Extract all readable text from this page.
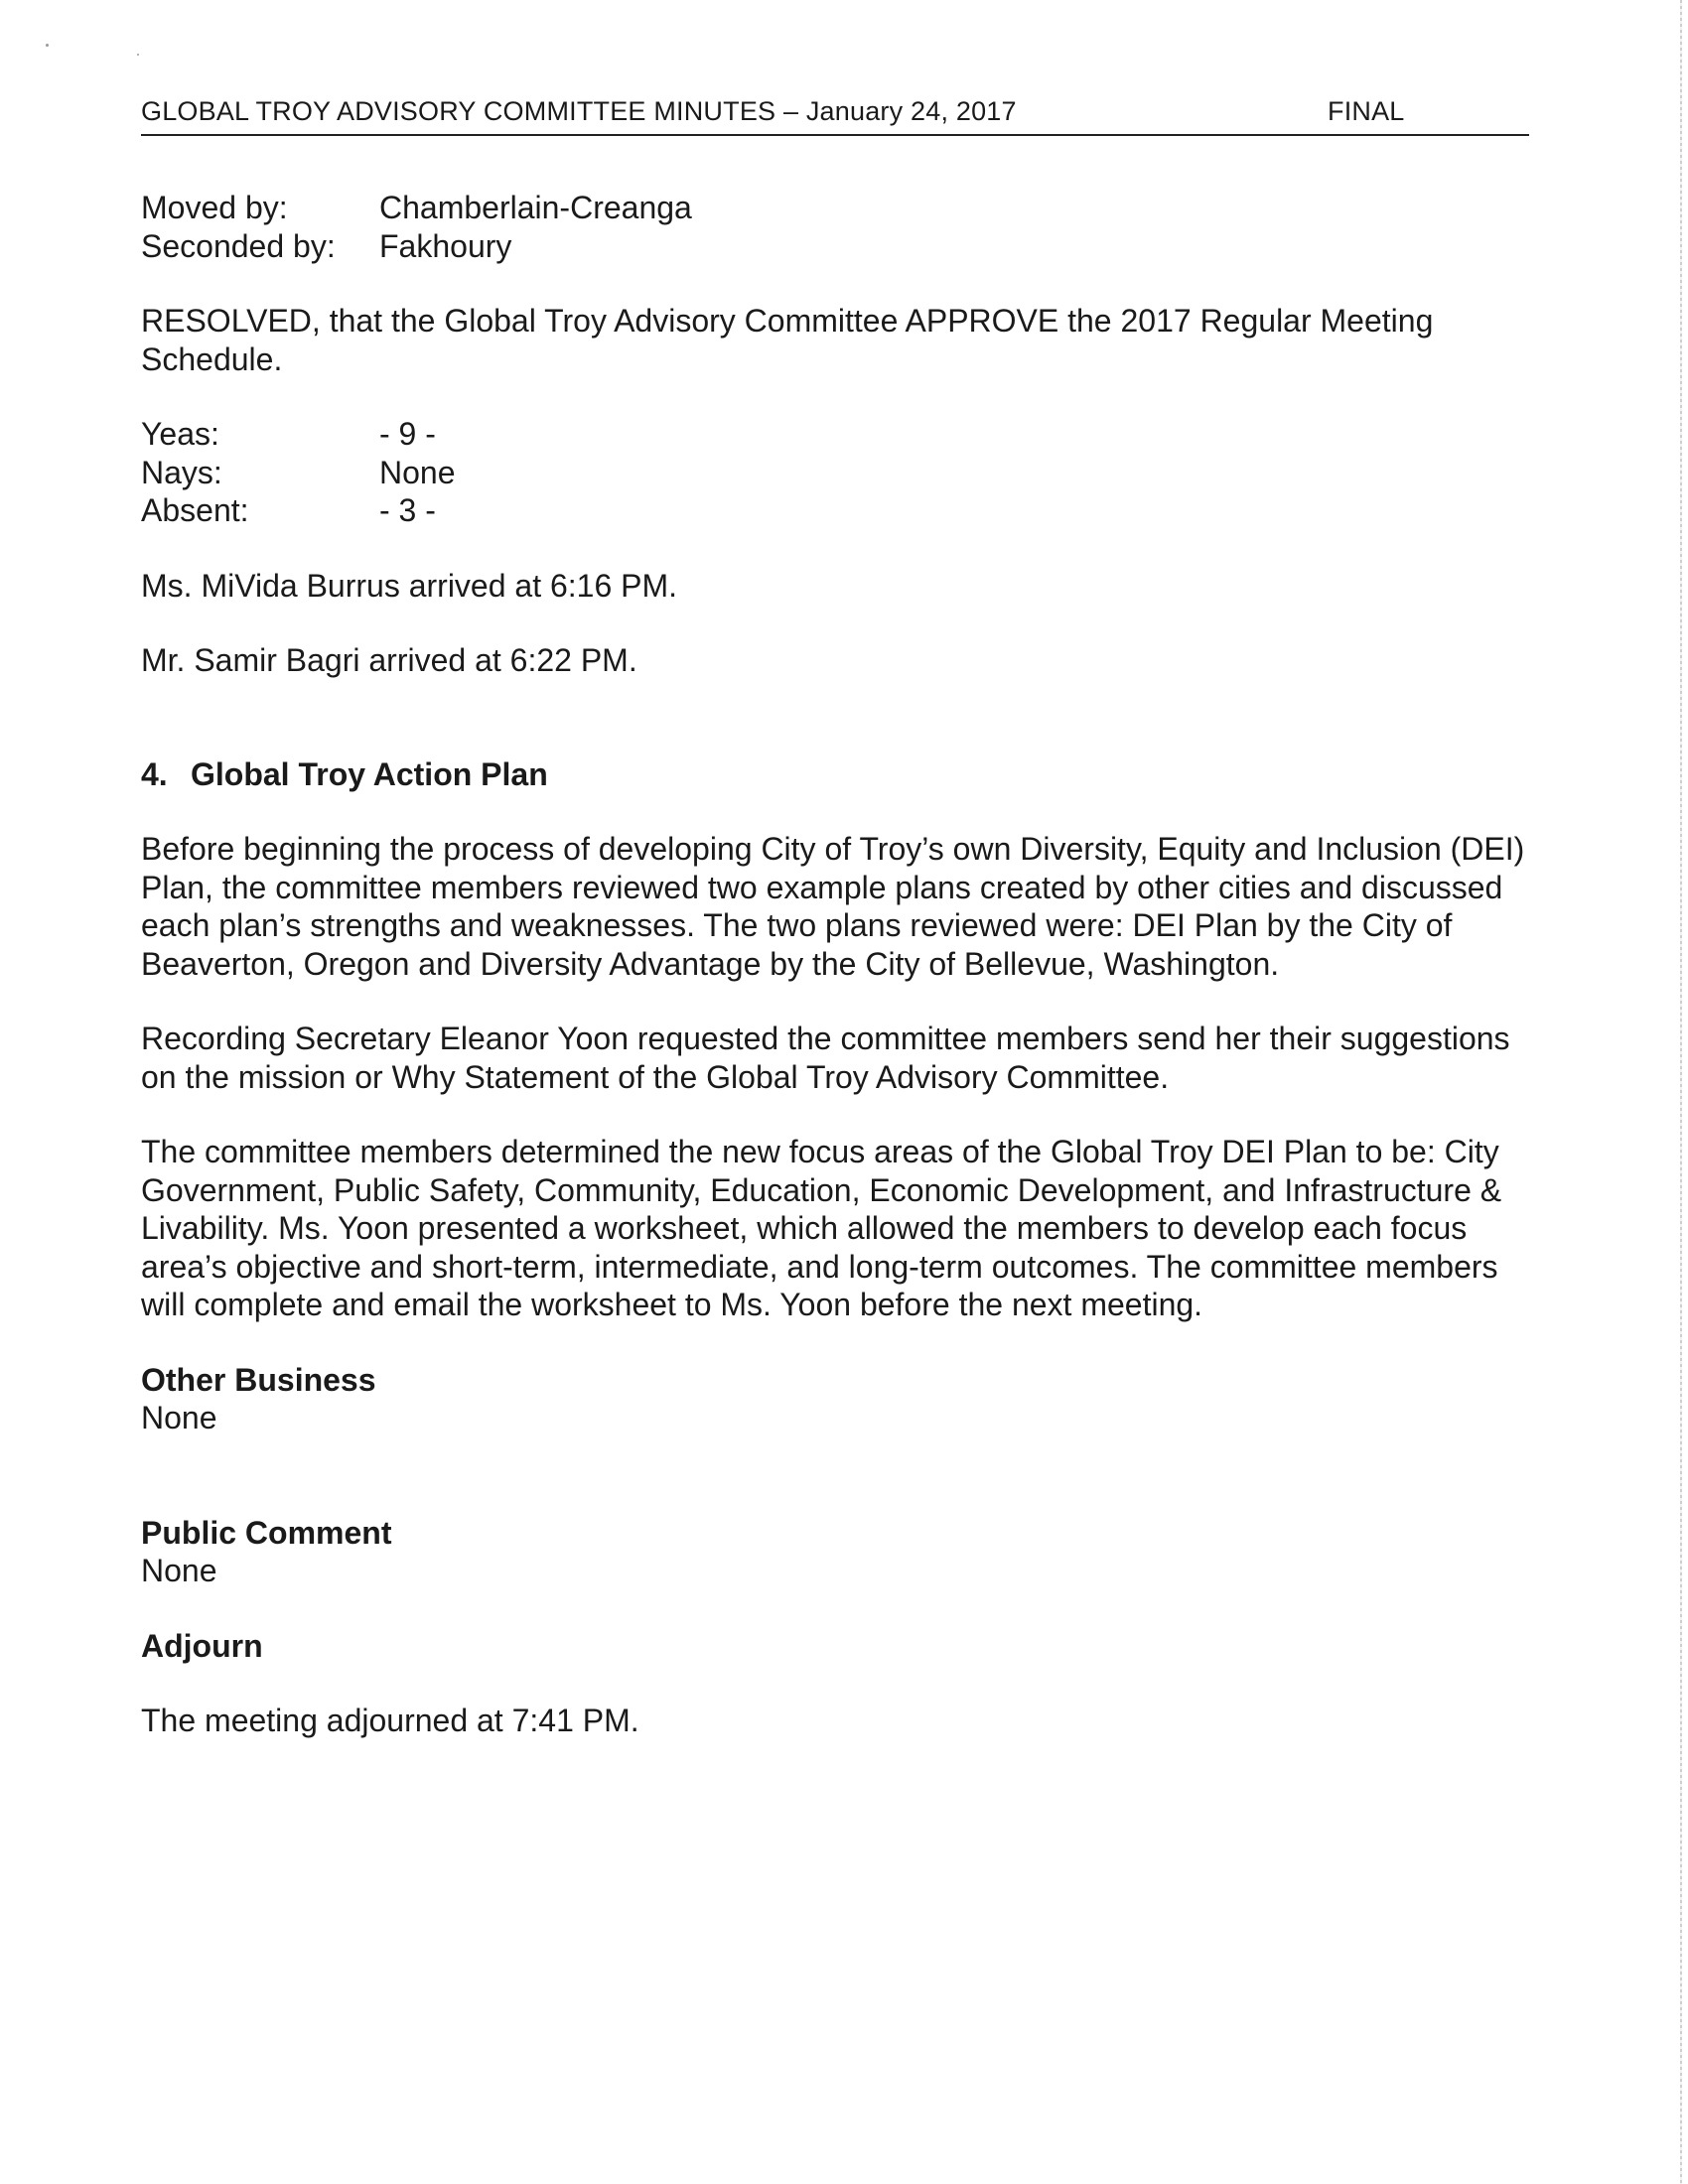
GLOBAL TROY ADVISORY COMMITTEE MINUTES – January 24, 2017	FINAL
Moved by:	Chamberlain-Creanga
Seconded by:	Fakhoury

RESOLVED, that the Global Troy Advisory Committee APPROVE the 2017 Regular Meeting Schedule.

Yeas:	- 9 -
Nays:	None
Absent:	- 3 -

Ms. MiVida Burrus arrived at 6:16 PM.

Mr. Samir Bagri arrived at 6:22 PM.

4. Global Troy Action Plan

Before beginning the process of developing City of Troy’s own Diversity, Equity and Inclusion (DEI) Plan, the committee members reviewed two example plans created by other cities and discussed each plan’s strengths and weaknesses. The two plans reviewed were: DEI Plan by the City of Beaverton, Oregon and Diversity Advantage by the City of Bellevue, Washington.

Recording Secretary Eleanor Yoon requested the committee members send her their suggestions on the mission or Why Statement of the Global Troy Advisory Committee.

The committee members determined the new focus areas of the Global Troy DEI Plan to be: City Government, Public Safety, Community, Education, Economic Development, and Infrastructure & Livability. Ms. Yoon presented a worksheet, which allowed the members to develop each focus area’s objective and short-term, intermediate, and long-term outcomes. The committee members will complete and email the worksheet to Ms. Yoon before the next meeting.

Other Business

None

Public Comment

None

Adjourn

The meeting adjourned at 7:41 PM.
